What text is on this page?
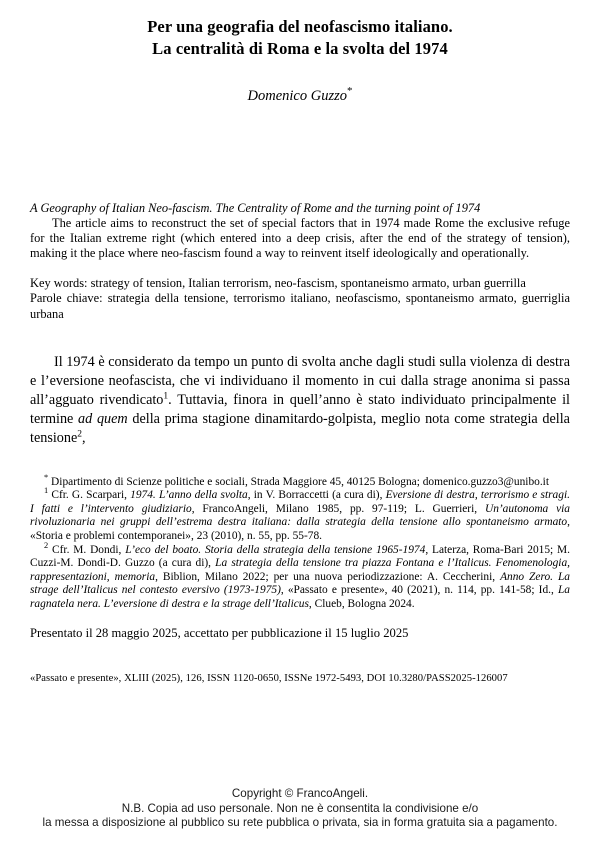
Per una geografia del neofascismo italiano.
La centralità di Roma e la svolta del 1974
Domenico Guzzo*
A Geography of Italian Neo-fascism. The Centrality of Rome and the turning point of 1974
The article aims to reconstruct the set of special factors that in 1974 made Rome the exclusive refuge for the Italian extreme right (which entered into a deep crisis, after the end of the strategy of tension), making it the place where neo-fascism found a way to reinvent itself ideologically and operationally.
Key words: strategy of tension, Italian terrorism, neo-fascism, spontaneismo armato, urban guerrilla
Parole chiave: strategia della tensione, terrorismo italiano, neofascismo, spontaneismo armato, guerriglia urbana

Il 1974 è considerato da tempo un punto di svolta anche dagli studi sulla violenza di destra e l’eversione neofascista, che vi individuano il momento in cui dalla strage anonima si passa all’agguato rivendicato$^1$. Tuttavia, finora in quell’anno è stato individuato principalmente il termine ad quem della prima stagione dinamitardo-golpista, meglio nota come strategia della tensione$^2$,

* Dipartimento di Scienze politiche e sociali, Strada Maggiore 45, 40125 Bologna; domenico.guzzo3@unibo.it
$^1$ Cfr. G. Scarpari, 1974. L’anno della svolta, in V. Borraccetti (a cura di), Eversione di destra, terrorismo e stragi. I fatti e l’intervento giudiziario, FrancoAngeli, Milano 1985, pp. 97-119; L. Guerrieri, Un’autonoma via rivoluzionaria nei gruppi dell’estrema destra italiana: dalla strategia della tensione allo spontaneismo armato, «Storia e problemi contemporanei», 23 (2010), n. 55, pp. 55-78.
$^2$ Cfr. M. Dondi, L’eco del boato. Storia della strategia della tensione 1965-1974, Laterza, Roma-Bari 2015; M. Cuzzi-M. Dondi-D. Guzzo (a cura di), La strategia della tensione tra piazza Fontana e l’Italicus. Fenomenologia, rappresentazioni, memoria, Biblion, Milano 2022; per una nuova periodizzazione: A. Ceccherini, Anno Zero. La strage dell’Italicus nel contesto eversivo (1973-1975), «Passato e presente», 40 (2021), n. 114, pp. 141-58; Id., La ragnatela nera. L’eversione di destra e la strage dell’Italicus, Clueb, Bologna 2024.
Presentato il 28 maggio 2025, accettato per pubblicazione il 15 luglio 2025
«Passato e presente», XLIII (2025), 126, ISSN 1120-0650, ISSNe 1972-5493, DOI 10.3280/PASS2025-126007
Copyright © FrancoAngeli.
N.B. Copia ad uso personale. Non ne è consentita la condivisione e/o
la messa a disposizione al pubblico su rete pubblica o privata, sia in forma gratuita sia a pagamento.
